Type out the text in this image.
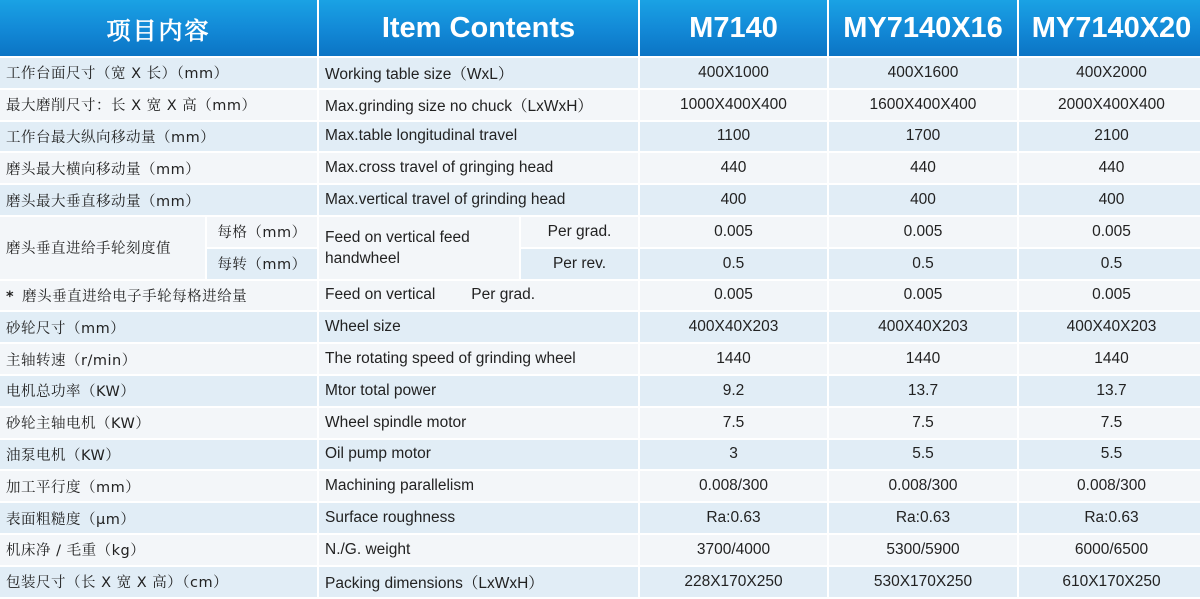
项目内容		Item Contents		M7140	MY7140X16	MY7140X20
工作台面尺寸（宽 X 长）（mm）		Working table size（WxL）		400X1000	400X1600	400X2000
最大磨削尺寸：长 X 宽 X 高（mm）		Max.grinding size no chuck（LxWxH）		1000X400X400	1600X400X400	2000X400X400
工作台最大纵向移动量（mm）		Max.table longitudinal travel		1100	1700	2100
磨头最大横向移动量（mm）		Max.cross travel of gringing head		440	440	440
磨头最大垂直移动量（mm）		Max.vertical travel of grinding head		400	400	400
磨头垂直进给手轮刻度值	每格（mm）	Feed on vertical feed handwheel	Per grad.	0.005	0.005	0.005
	每转（mm）		Per rev.	0.5	0.5	0.5
* 磨头垂直进给电子手轮每格进给量		Feed on vertical Per grad.		0.005	0.005	0.005
砂轮尺寸（mm）		Wheel size		400X40X203	400X40X203	400X40X203
主轴转速（r/min）		The rotating speed of grinding wheel		1440	1440	1440
电机总功率（KW）		Mtor total power		9.2	13.7	13.7
砂轮主轴电机（KW）		Wheel spindle motor		7.5	7.5	7.5
油泵电机（KW）		Oil pump motor		3	5.5	5.5
加工平行度（mm）		Machining parallelism		0.008/300	0.008/300	0.008/300
表面粗糙度（μm）		Surface roughness		Ra:0.63	Ra:0.63	Ra:0.63
机床净 / 毛重（kg）		N./G. weight		3700/4000	5300/5900	6000/6500
包装尺寸（长 X 宽 X 高）（cm）		Packing dimensions（LxWxH）		228X170X250	530X170X250	610X170X250
